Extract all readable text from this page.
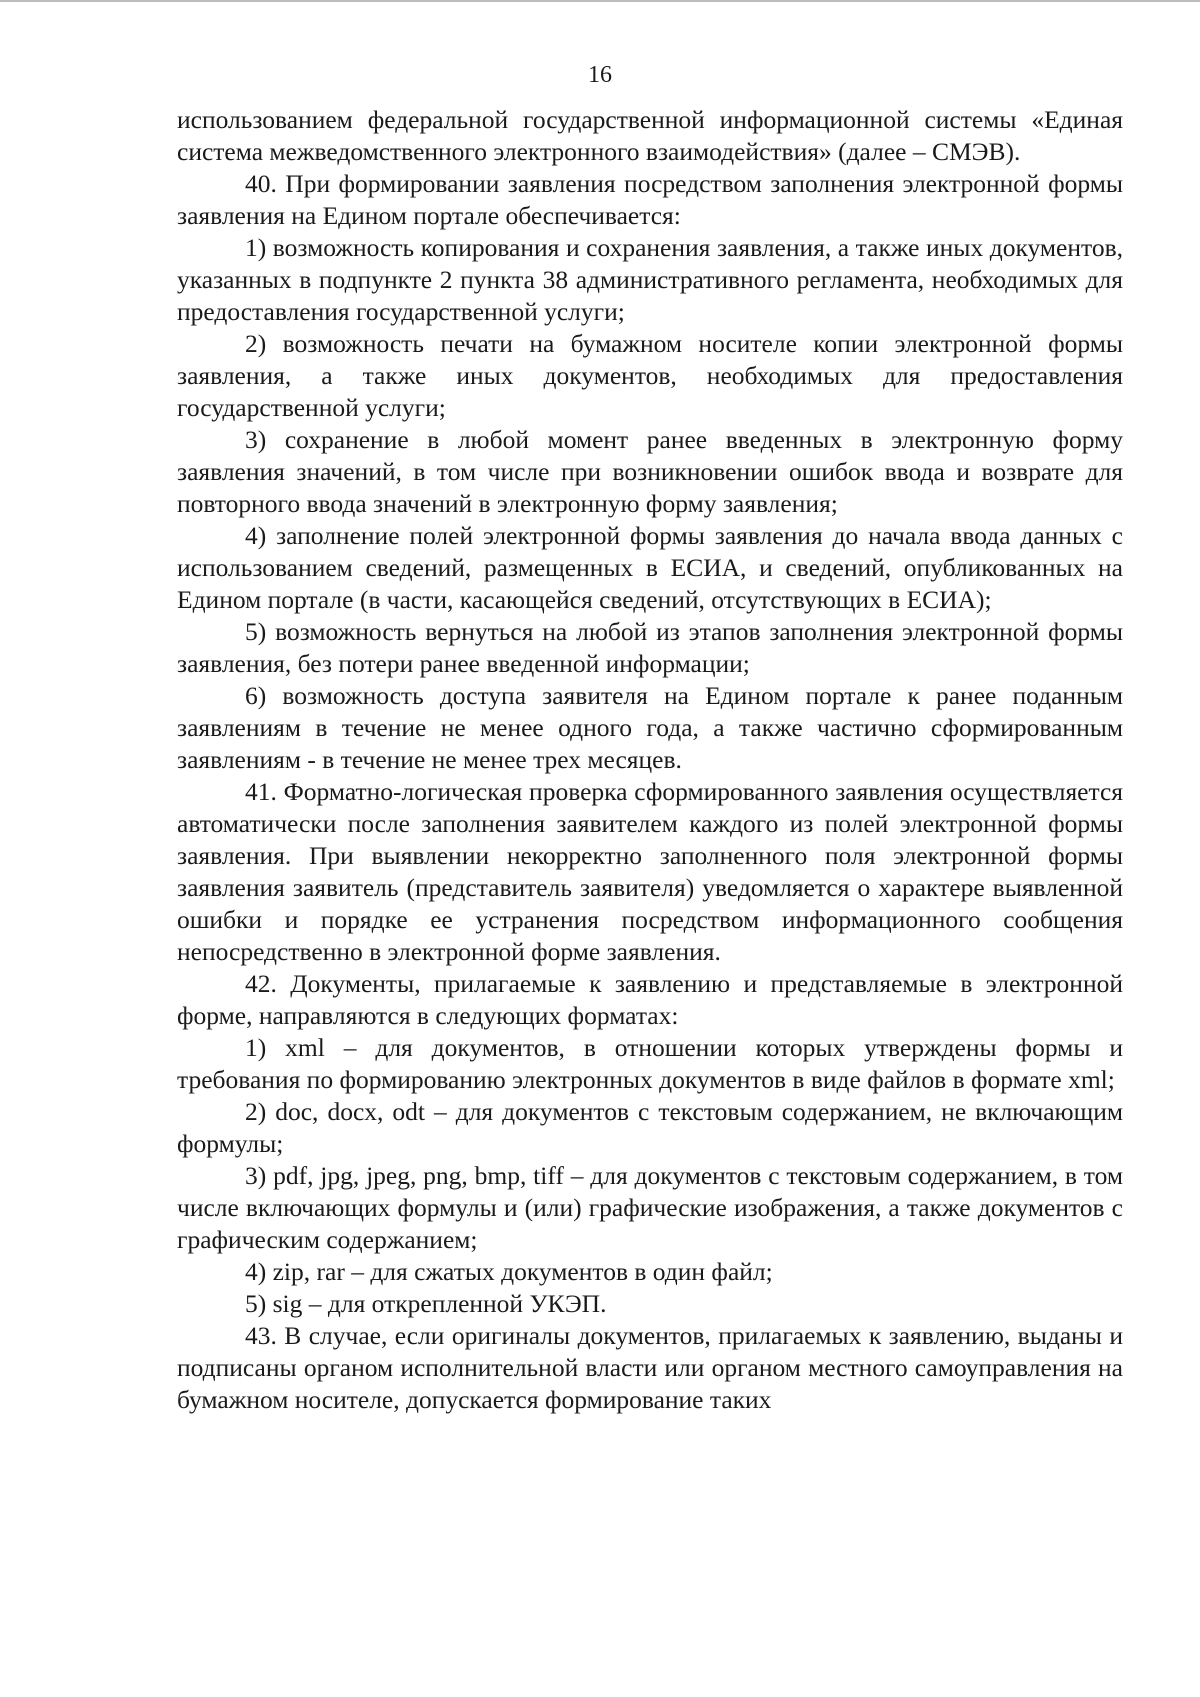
16

использованием федеральной государственной информационной системы «Единая система межведомственного электронного взаимодействия» (далее – СМЭВ).

40. При формировании заявления посредством заполнения электронной формы заявления на Едином портале обеспечивается:

1) возможность копирования и сохранения заявления, а также иных документов, указанных в подпункте 2 пункта 38 административного регламента, необходимых для предоставления государственной услуги;

2) возможность печати на бумажном носителе копии электронной формы заявления, а также иных документов, необходимых для предоставления государственной услуги;

3) сохранение в любой момент ранее введенных в электронную форму заявления значений, в том числе при возникновении ошибок ввода и возврате для повторного ввода значений в электронную форму заявления;

4) заполнение полей электронной формы заявления до начала ввода данных с использованием сведений, размещенных в ЕСИА, и сведений, опубликованных на Едином портале (в части, касающейся сведений, отсутствующих в ЕСИА);

5) возможность вернуться на любой из этапов заполнения электронной формы заявления, без потери ранее введенной информации;

6) возможность доступа заявителя на Едином портале к ранее поданным заявлениям в течение не менее одного года, а также частично сформированным заявлениям - в течение не менее трех месяцев.

41. Форматно-логическая проверка сформированного заявления осуществляется автоматически после заполнения заявителем каждого из полей электронной формы заявления. При выявлении некорректно заполненного поля электронной формы заявления заявитель (представитель заявителя) уведомляется о характере выявленной ошибки и порядке ее устранения посредством информационного сообщения непосредственно в электронной форме заявления.

42. Документы, прилагаемые к заявлению и представляемые в электронной форме, направляются в следующих форматах:

1) xml – для документов, в отношении которых утверждены формы и требования по формированию электронных документов в виде файлов в формате xml;

2) doc, docx, odt – для документов с текстовым содержанием, не включающим формулы;

3) pdf, jpg, jpeg, png, bmp, tiff – для документов с текстовым содержанием, в том числе включающих формулы и (или) графические изображения, а также документов с графическим содержанием;

4) zip, rar – для сжатых документов в один файл;

5) sig – для открепленной УКЭП.

43. В случае, если оригиналы документов, прилагаемых к заявлению, выданы и подписаны органом исполнительной власти или органом местного самоуправления на бумажном носителе, допускается формирование таких
